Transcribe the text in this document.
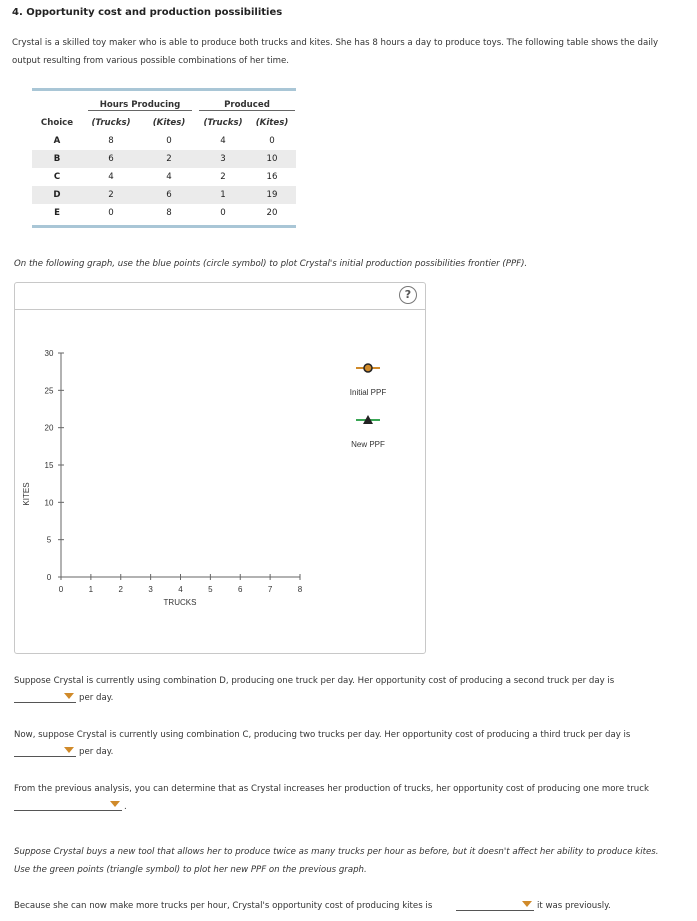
4. Opportunity cost and production possibilities
Crystal is a skilled toy maker who is able to produce both trucks and kites. She has 8 hours a day to produce toys. The following table shows the daily
output resulting from various possible combinations of her time.
	Hours Producing		Produced	
Choice	(Trucks)	(Kites)	(Trucks)	(Kites)
A	8	0	4	0
B	6	2	3	10
C	4	4	2	16
D	2	6	1	19
E	0	8	0	20
On the following graph, use the blue points (circle symbol) to plot Crystal's initial production possibilities frontier (PPF).
?
KITES
TRUCKS
0	1	2	3	4	5	6	7	8
0
5
10
15
20
25
30
Initial PPF
New PPF
Suppose Crystal is currently using combination D, producing one truck per day. Her opportunity cost of producing a second truck per day is
per day.
Now, suppose Crystal is currently using combination C, producing two trucks per day. Her opportunity cost of producing a third truck per day is
per day.
From the previous analysis, you can determine that as Crystal increases her production of trucks, her opportunity cost of producing one more truck
.
Suppose Crystal buys a new tool that allows her to produce twice as many trucks per hour as before, but it doesn't affect her ability to produce kites.
Use the green points (triangle symbol) to plot her new PPF on the previous graph.
Because she can now make more trucks per hour, Crystal's opportunity cost of producing kites is	it was previously.
